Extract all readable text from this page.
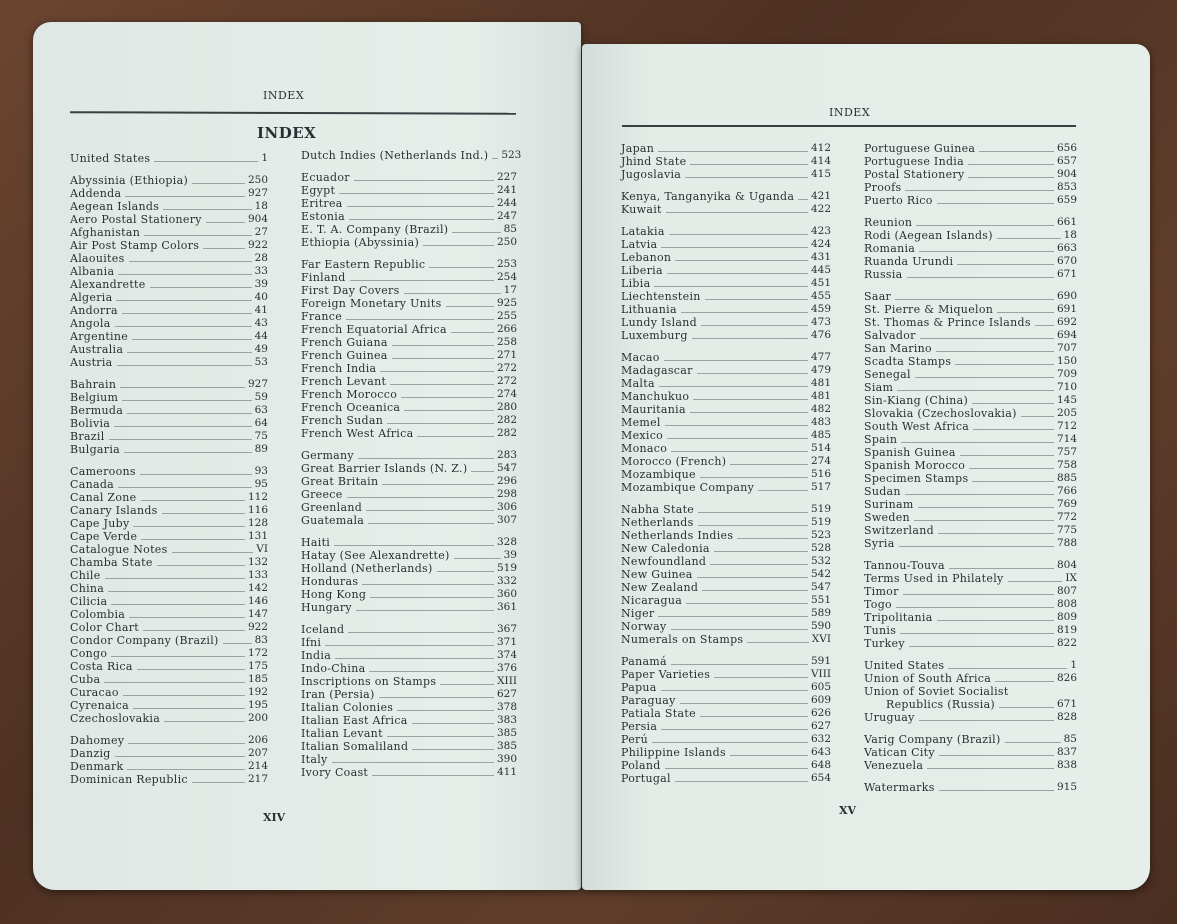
INDEX
INDEX
INDEX
United States	1
Abyssinia (Ethiopia)	250
Addenda	927
Aegean Islands	18
Aero Postal Stationery	904
Afghanistan	27
Air Post Stamp Colors	922
Alaouites	28
Albania	33
Alexandrette	39
Algeria	40
Andorra	41
Angola	43
Argentine	44
Australia	49
Austria	53
Bahrain	927
Belgium	59
Bermuda	63
Bolivia	64
Brazil	75
Bulgaria	89
Cameroons	93
Canada	95
Canal Zone	112
Canary Islands	116
Cape Juby	128
Cape Verde	131
Catalogue Notes	VI
Chamba State	132
Chile	133
China	142
Cilicia	146
Colombia	147
Color Chart	922
Condor Company (Brazil)	83
Congo	172
Costa Rica	175
Cuba	185
Curacao	192
Cyrenaica	195
Czechoslovakia	200
Dahomey	206
Danzig	207
Denmark	214
Dominican Republic	217
Dutch Indies (Netherlands Ind.)	523
Ecuador	227
Egypt	241
Eritrea	244
Estonia	247
E. T. A. Company (Brazil)	85
Ethiopia (Abyssinia)	250
Far Eastern Republic	253
Finland	254
First Day Covers	17
Foreign Monetary Units	925
France	255
French Equatorial Africa	266
French Guiana	258
French Guinea	271
French India	272
French Levant	272
French Morocco	274
French Oceanica	280
French Sudan	282
French West Africa	282
Germany	283
Great Barrier Islands (N. Z.)	547
Great Britain	296
Greece	298
Greenland	306
Guatemala	307
Haiti	328
Hatay (See Alexandrette)	39
Holland (Netherlands)	519
Honduras	332
Hong Kong	360
Hungary	361
Iceland	367
Ifni	371
India	374
Indo-China	376
Inscriptions on Stamps	XIII
Iran (Persia)	627
Italian Colonies	378
Italian East Africa	383
Italian Levant	385
Italian Somaliland	385
Italy	390
Ivory Coast	411
Japan	412
Jhind State	414
Jugoslavia	415
Kenya, Tanganyika & Uganda	421
Kuwait	422
Latakia	423
Latvia	424
Lebanon	431
Liberia	445
Libia	451
Liechtenstein	455
Lithuania	459
Lundy Island	473
Luxemburg	476
Macao	477
Madagascar	479
Malta	481
Manchukuo	481
Mauritania	482
Memel	483
Mexico	485
Monaco	514
Morocco (French)	274
Mozambique	516
Mozambique Company	517
Nabha State	519
Netherlands	519
Netherlands Indies	523
New Caledonia	528
Newfoundland	532
New Guinea	542
New Zealand	547
Nicaragua	551
Niger	589
Norway	590
Numerals on Stamps	XVI
Panamá	591
Paper Varieties	VIII
Papua	605
Paraguay	609
Patiala State	626
Persia	627
Perú	632
Philippine Islands	643
Poland	648
Portugal	654
Portuguese Guinea	656
Portuguese India	657
Postal Stationery	904
Proofs	853
Puerto Rico	659
Reunion	661
Rodi (Aegean Islands)	18
Romania	663
Ruanda Urundi	670
Russia	671
Saar	690
St. Pierre & Miquelon	691
St. Thomas & Prince Islands	692
Salvador	694
San Marino	707
Scadta Stamps	150
Senegal	709
Siam	710
Sin-Kiang (China)	145
Slovakia (Czechoslovakia)	205
South West Africa	712
Spain	714
Spanish Guinea	757
Spanish Morocco	758
Specimen Stamps	885
Sudan	766
Surinam	769
Sweden	772
Switzerland	775
Syria	788
Tannou-Touva	804
Terms Used in Philately	IX
Timor	807
Togo	808
Tripolitania	809
Tunis	819
Turkey	822
United States	1
Union of South Africa	826
Union of Soviet Socialist
Republics (Russia)	671
Uruguay	828
Varig Company (Brazil)	85
Vatican City	837
Venezuela	838
Watermarks	915
XIV
XV
